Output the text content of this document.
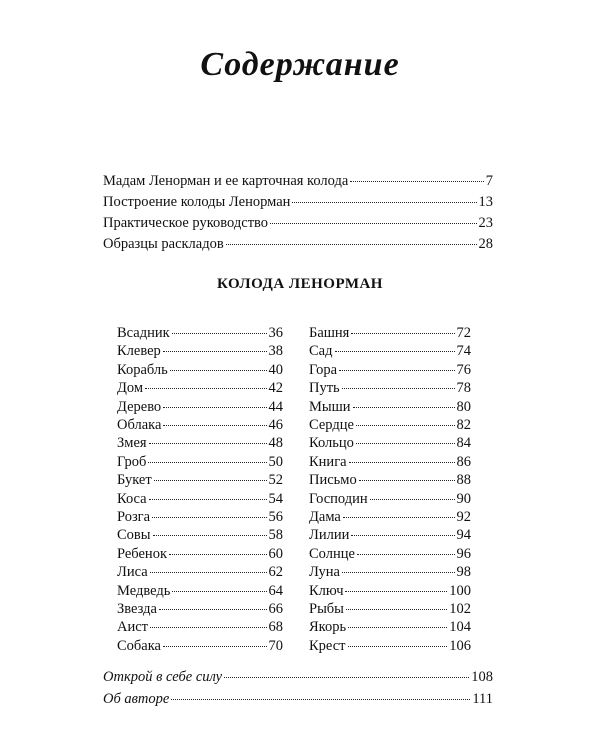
Содержание
Мадам Ленорман и ее карточная колода	7
Построение колоды Ленорман	13
Практическое руководство	23
Образцы раскладов	28
КОЛОДА ЛЕНОРМАН
Всадник	36
Клевер	38
Корабль	40
Дом	42
Дерево	44
Облака	46
Змея	48
Гроб	50
Букет	52
Коса	54
Розга	56
Совы	58
Ребенок	60
Лиса	62
Медведь	64
Звезда	66
Аист	68
Собака	70
Башня	72
Сад	74
Гора	76
Путь	78
Мыши	80
Сердце	82
Кольцо	84
Книга	86
Письмо	88
Господин	90
Дама	92
Лилии	94
Солнце	96
Луна	98
Ключ	100
Рыбы	102
Якорь	104
Крест	106
Открой в себе силу	108
Об авторе	111
